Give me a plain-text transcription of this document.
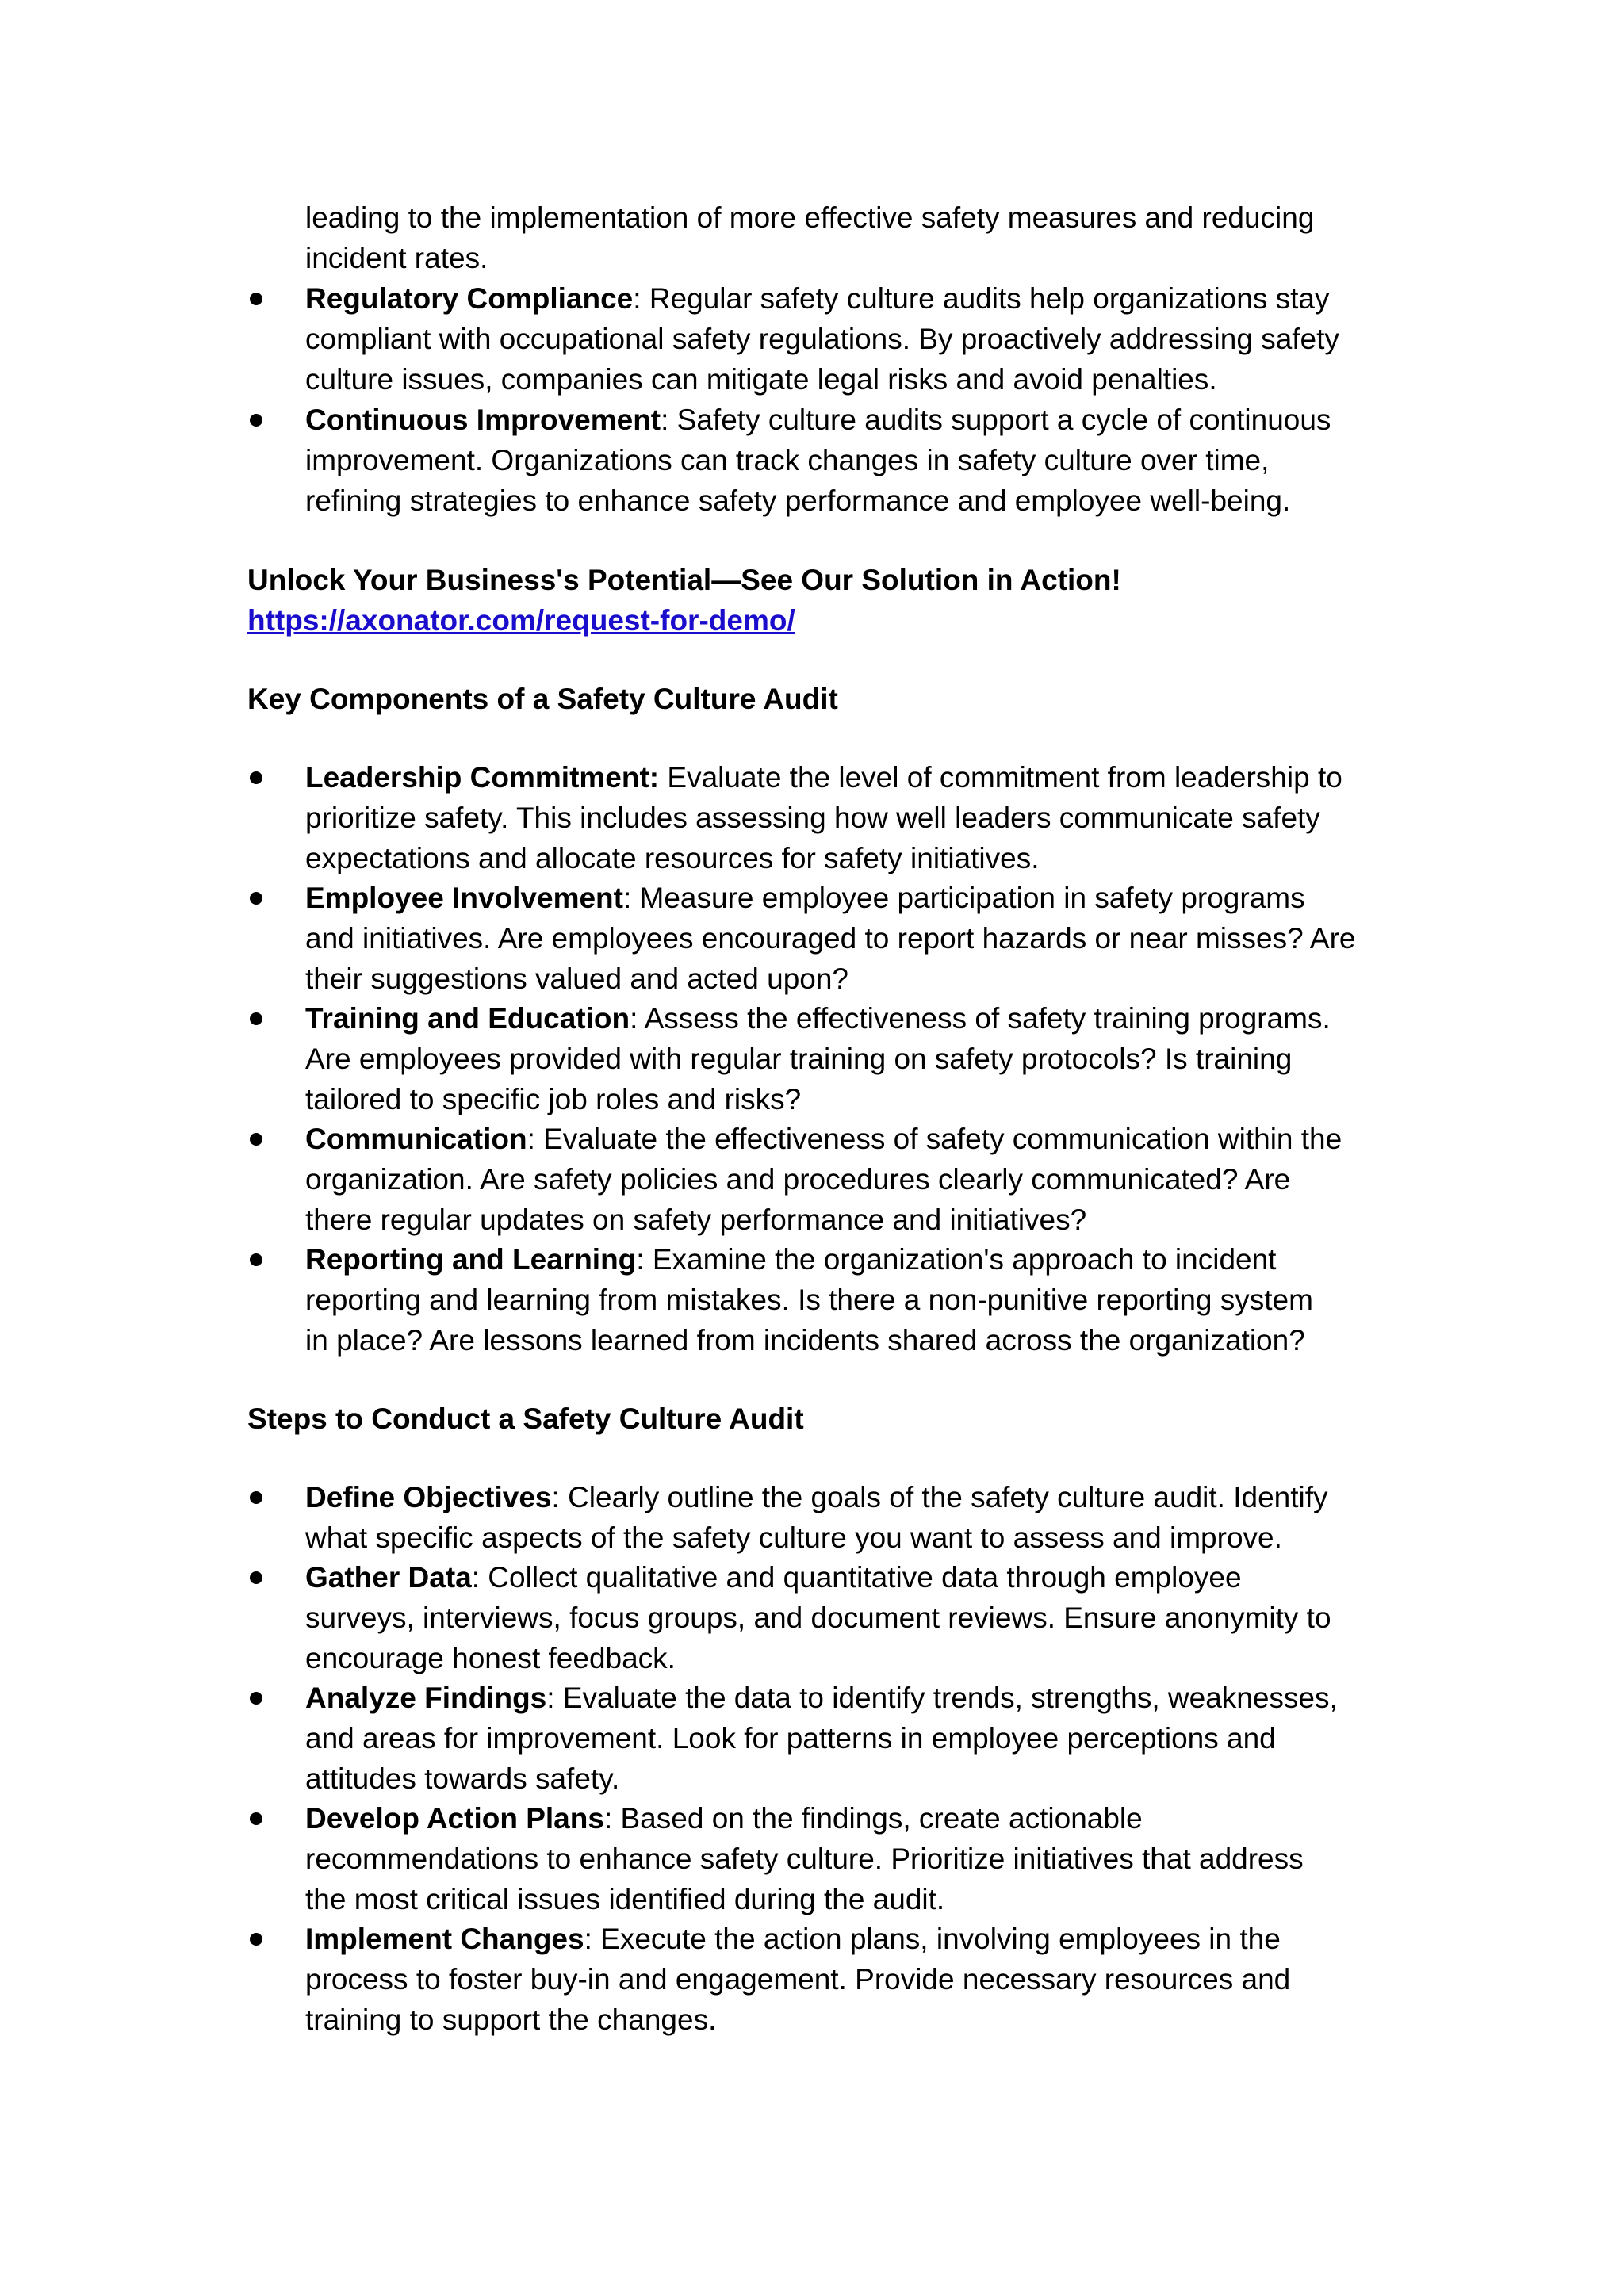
leading to the implementation of more effective safety measures and reducing
incident rates.
Regulatory Compliance: Regular safety culture audits help organizations stay
compliant with occupational safety regulations. By proactively addressing safety
culture issues, companies can mitigate legal risks and avoid penalties.
Continuous Improvement: Safety culture audits support a cycle of continuous
improvement. Organizations can track changes in safety culture over time,
refining strategies to enhance safety performance and employee well-being.
Unlock Your Business's Potential—See Our Solution in Action!
https://axonator.com/request-for-demo/
Key Components of a Safety Culture Audit
Leadership Commitment: Evaluate the level of commitment from leadership to
prioritize safety. This includes assessing how well leaders communicate safety
expectations and allocate resources for safety initiatives.
Employee Involvement: Measure employee participation in safety programs
and initiatives. Are employees encouraged to report hazards or near misses? Are
their suggestions valued and acted upon?
Training and Education: Assess the effectiveness of safety training programs.
Are employees provided with regular training on safety protocols? Is training
tailored to specific job roles and risks?
Communication: Evaluate the effectiveness of safety communication within the
organization. Are safety policies and procedures clearly communicated? Are
there regular updates on safety performance and initiatives?
Reporting and Learning: Examine the organization's approach to incident
reporting and learning from mistakes. Is there a non-punitive reporting system
in place? Are lessons learned from incidents shared across the organization?
Steps to Conduct a Safety Culture Audit
Define Objectives: Clearly outline the goals of the safety culture audit. Identify
what specific aspects of the safety culture you want to assess and improve.
Gather Data: Collect qualitative and quantitative data through employee
surveys, interviews, focus groups, and document reviews. Ensure anonymity to
encourage honest feedback.
Analyze Findings: Evaluate the data to identify trends, strengths, weaknesses,
and areas for improvement. Look for patterns in employee perceptions and
attitudes towards safety.
Develop Action Plans: Based on the findings, create actionable
recommendations to enhance safety culture. Prioritize initiatives that address
the most critical issues identified during the audit.
Implement Changes: Execute the action plans, involving employees in the
process to foster buy-in and engagement. Provide necessary resources and
training to support the changes.
